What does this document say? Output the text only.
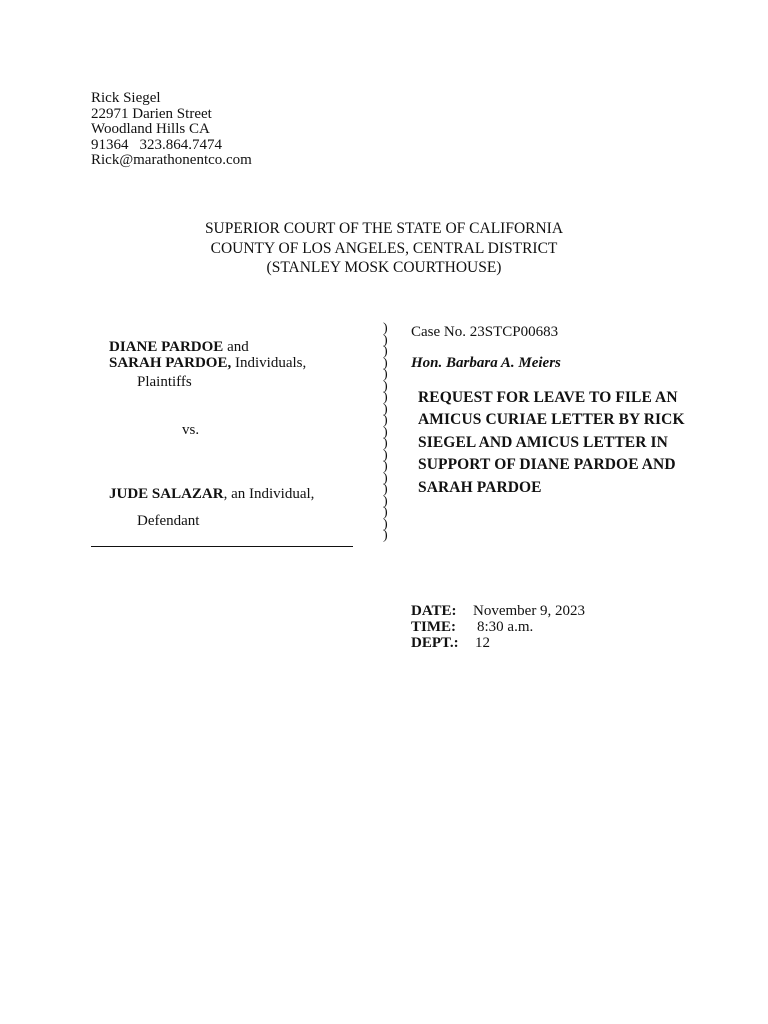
Rick Siegel
22971 Darien Street
Woodland Hills CA
91364 323.864.7474
Rick@marathonentco.com
SUPERIOR COURT OF THE STATE OF CALIFORNIA
COUNTY OF LOS ANGELES, CENTRAL DISTRICT
(STANLEY MOSK COURTHOUSE)
DIANE PARDOE and
SARAH PARDOE, Individuals,
Plaintiffs
vs.
JUDE SALAZAR, an Individual,
Defendant
)
)
)
)
)
)
)
)
)
)
)
)
)
)
)
)
)
)
)
Case No. 23STCP00683
Hon. Barbara A. Meiers
REQUEST FOR LEAVE TO FILE AN
AMICUS CURIAE LETTER BY RICK
SIEGEL AND AMICUS LETTER IN
SUPPORT OF DIANE PARDOE AND
SARAH PARDOE
DATE: November 9, 2023
TIME: 8:30 a.m.
DEPT.: 12
